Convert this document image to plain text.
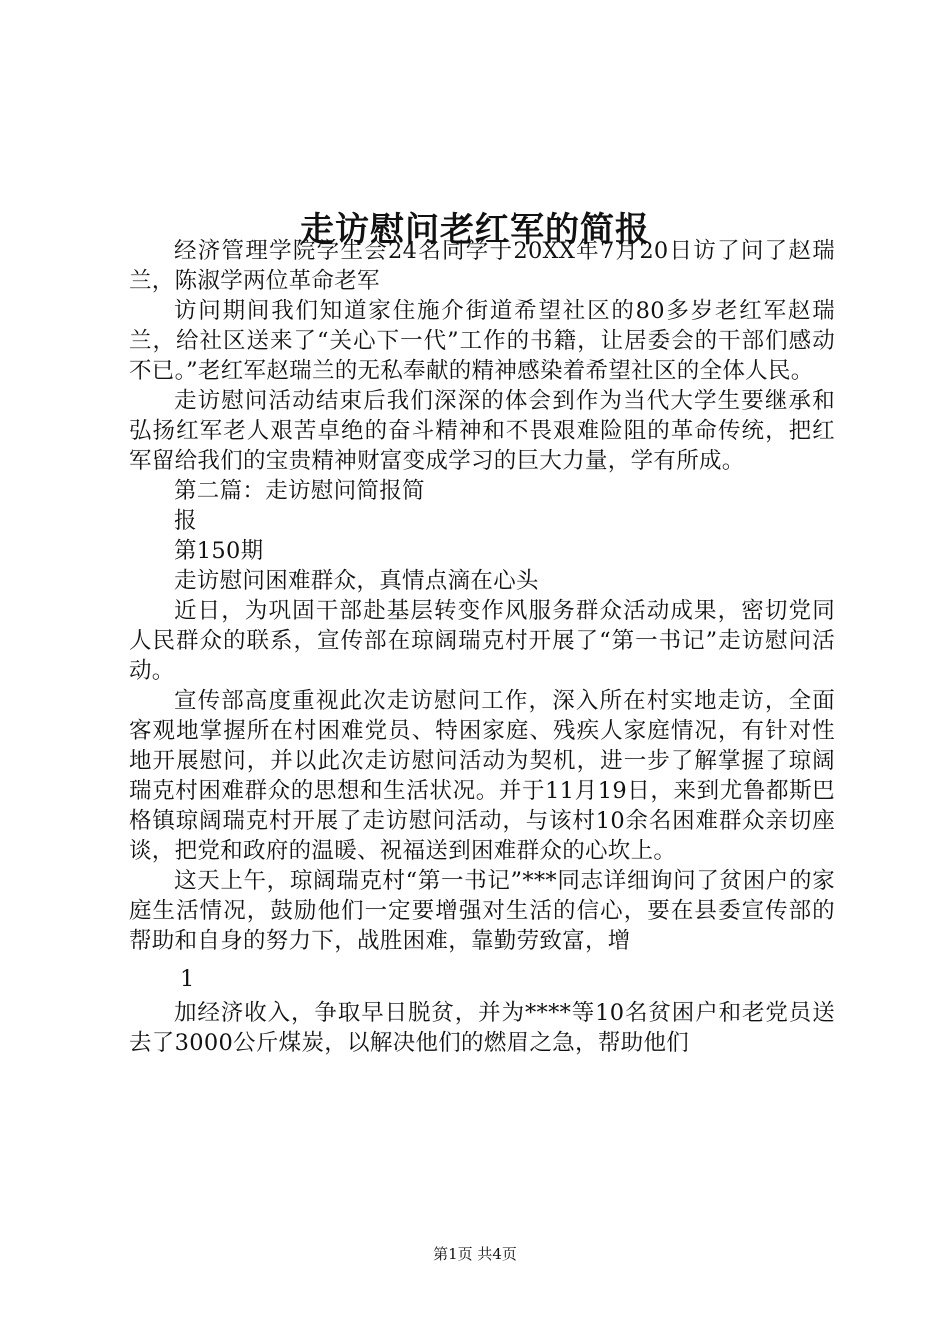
走访慰问老红军的简报

经济管理学院学生会24名同学于20XX年7月20日访了问了赵瑞兰，陈淑学两位革命老军

访问期间我们知道家住施介街道希望社区的80多岁老红军赵瑞兰，给社区送来了“关心下一代”工作的书籍，让居委会的干部们感动不已。”老红军赵瑞兰的无私奉献的精神感染着希望社区的全体人民。

走访慰问活动结束后我们深深的体会到作为当代大学生要继承和弘扬红军老人艰苦卓绝的奋斗精神和不畏艰难险阻的革命传统，把红军留给我们的宝贵精神财富变成学习的巨大力量，学有所成。

第二篇：走访慰问简报简

报

第150期

走访慰问困难群众，真情点滴在心头

近日，为巩固干部赴基层转变作风服务群众活动成果，密切党同人民群众的联系，宣传部在琼阔瑞克村开展了“第一书记”走访慰问活动。

宣传部高度重视此次走访慰问工作，深入所在村实地走访，全面客观地掌握所在村困难党员、特困家庭、残疾人家庭情况，有针对性地开展慰问，并以此次走访慰问活动为契机，进一步了解掌握了琼阔瑞克村困难群众的思想和生活状况。并于11月19日，来到尤鲁都斯巴格镇琼阔瑞克村开展了走访慰问活动，与该村10余名困难群众亲切座谈，把党和政府的温暖、祝福送到困难群众的心坎上。

这天上午，琼阔瑞克村“第一书记”***同志详细询问了贫困户的家庭生活情况，鼓励他们一定要增强对生活的信心，要在县委宣传部的帮助和自身的努力下，战胜困难，靠勤劳致富，增

1

加经济收入，争取早日脱贫，并为****等10名贫困户和老党员送去了3000公斤煤炭，以解决他们的燃眉之急，帮助他们

第1页 共4页
